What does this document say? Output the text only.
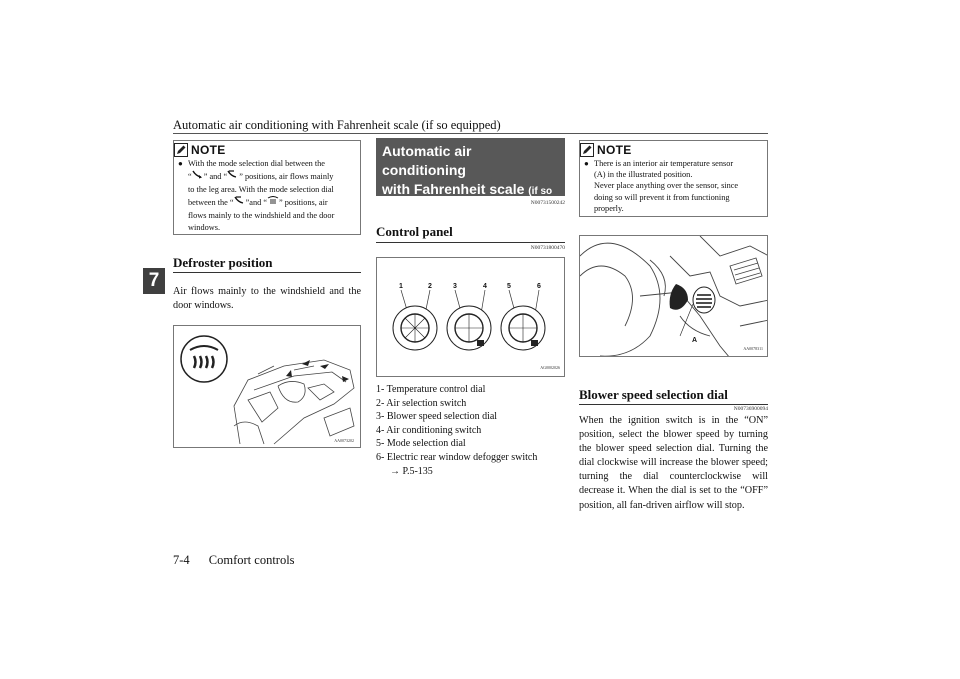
Automatic air conditioning with Fahrenheit scale (if so equipped)
7
NOTE
● With the mode selection dial between the
“ ” and “ ” positions, air flows mainly
to the leg area. With the mode selection dial
between the “ ”and “ ” positions, air
flows mainly to the windshield and the door
windows.
Defroster position
Air flows mainly to the windshield and the door windows.
AA0073202
Automatic air conditioning
with Fahrenheit scale (if so
equipped)
N00731500242
Control panel
N00731800470
1	2	3	4	5	6
AG0002026
1- Temperature control dial
2- Air selection switch
3- Blower speed selection dial
4- Air conditioning switch
5- Mode selection dial
6- Electric rear window defogger switch
→ P.5-135
NOTE
● There is an interior air temperature sensor
(A) in the illustrated position.
Never place anything over the sensor, since
doing so will prevent it from functioning
properly.
A
AA0078311
Blower speed selection dial
N00736900094
When the ignition switch is in the “ON” position, select the blower speed by turning the blower speed selection dial. Turning the dial clockwise will increase the blower speed; turning the dial counterclockwise will decrease it. When the dial is set to the “OFF” position, all fan-driven airflow will stop.
7-4 Comfort controls
